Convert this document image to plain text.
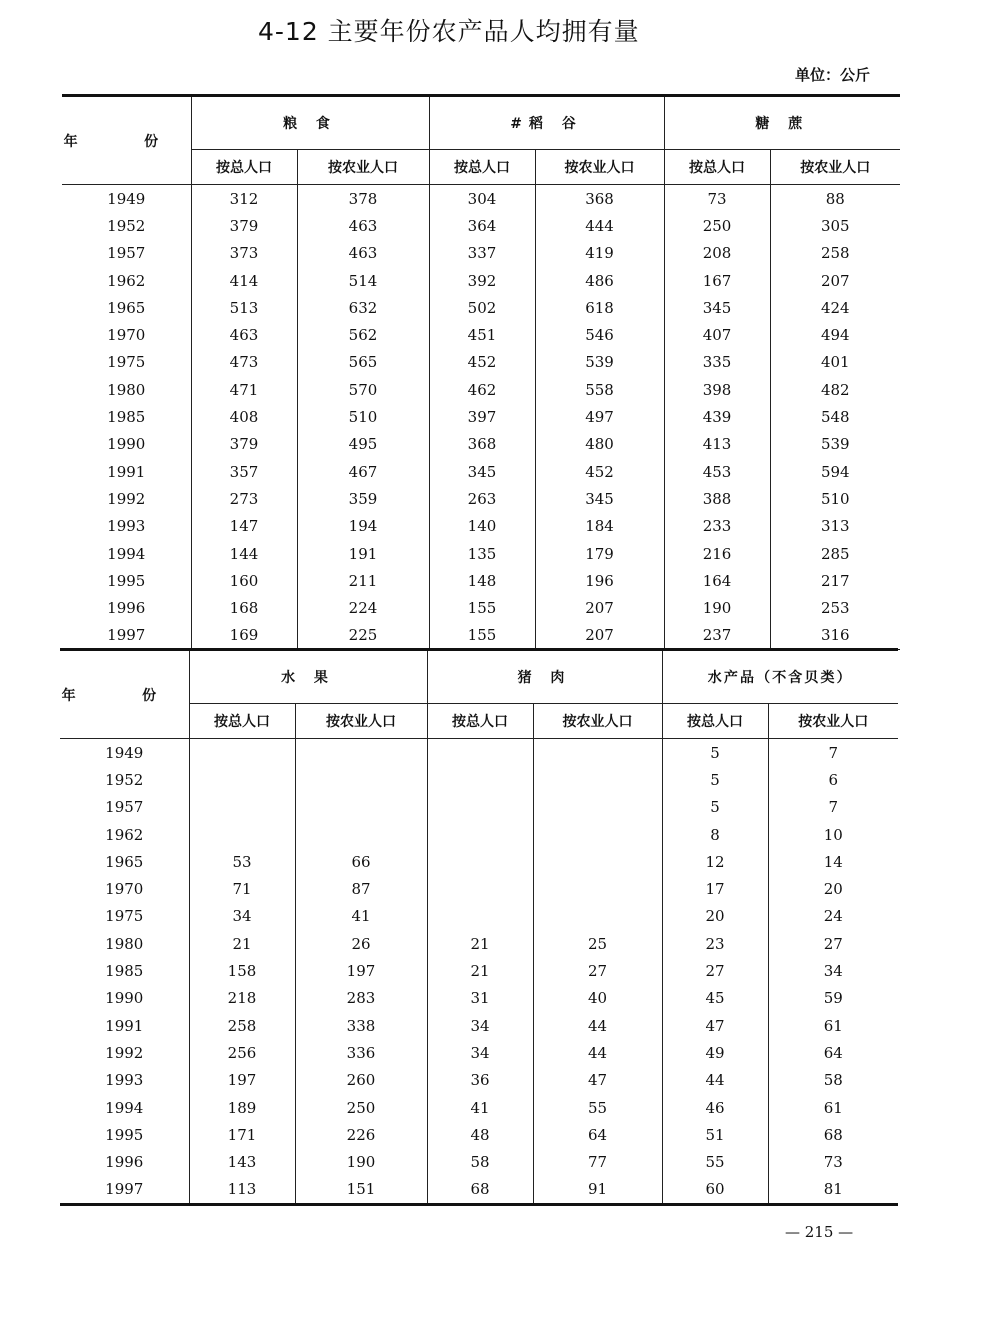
4-12 主要年份农产品人均拥有量
单位：公斤
年 份	粮 食		#稻 谷		糖 蔗	
	按总人口	按农业人口	按总人口	按农业人口	按总人口	按农业人口
1949	312	378	304	368	73	88
1952	379	463	364	444	250	305
1957	373	463	337	419	208	258
1962	414	514	392	486	167	207
1965	513	632	502	618	345	424
1970	463	562	451	546	407	494
1975	473	565	452	539	335	401
1980	471	570	462	558	398	482
1985	408	510	397	497	439	548
1990	379	495	368	480	413	539
1991	357	467	345	452	453	594
1992	273	359	263	345	388	510
1993	147	194	140	184	233	313
1994	144	191	135	179	216	285
1995	160	211	148	196	164	217
1996	168	224	155	207	190	253
1997	169	225	155	207	237	316
年 份	水 果		猪 肉		水产品（不含贝类）	
	按总人口	按农业人口	按总人口	按农业人口	按总人口	按农业人口
1949					5	7
1952					5	6
1957					5	7
1962					8	10
1965	53	66			12	14
1970	71	87			17	20
1975	34	41			20	24
1980	21	26	21	25	23	27
1985	158	197	21	27	27	34
1990	218	283	31	40	45	59
1991	258	338	34	44	47	61
1992	256	336	34	44	49	64
1993	197	260	36	47	44	58
1994	189	250	41	55	46	61
1995	171	226	48	64	51	68
1996	143	190	58	77	55	73
1997	113	151	68	91	60	81
— 215 —
